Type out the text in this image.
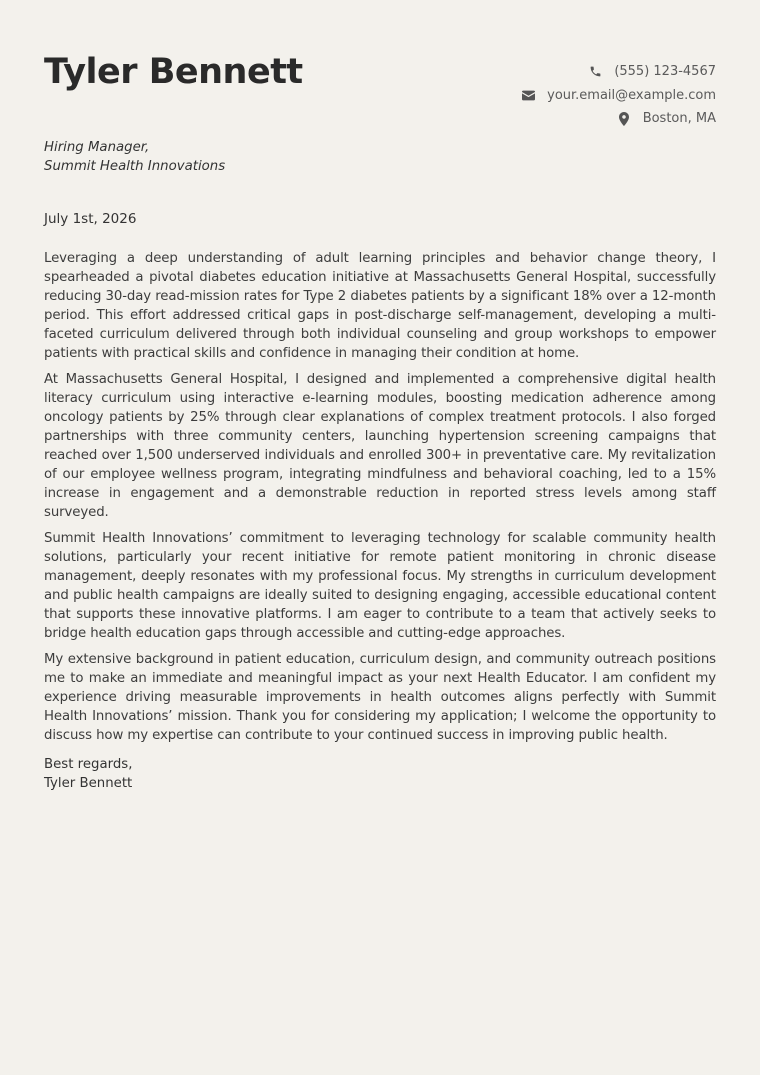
Tyler Bennett	(555) 123-4567
your.email@example.com
Boston, MA
Hiring Manager,
Summit Health Innovations
July 1st, 2026

Leveraging a deep understanding of adult learning principles and behavior change theory, I spearheaded a pivotal diabetes education initiative at Massachusetts General Hospital, successfully reducing 30-day read-mission rates for Type 2 diabetes patients by a significant 18% over a 12-month period. This effort addressed critical gaps in post-discharge self-management, developing a multi-faceted curriculum delivered through both individual counseling and group workshops to empower patients with practical skills and confidence in managing their condition at home.

At Massachusetts General Hospital, I designed and implemented a comprehensive digital health literacy curriculum using interactive e-learning modules, boosting medication adherence among oncology patients by 25% through clear explanations of complex treatment protocols. I also forged partnerships with three community centers, launching hypertension screening campaigns that reached over 1,500 underserved individuals and enrolled 300+ in preventative care. My revitalization of our employee wellness program, integrating mindfulness and behavioral coaching, led to a 15% increase in engagement and a demonstrable reduction in reported stress levels among staff surveyed.

Summit Health Innovations’ commitment to leveraging technology for scalable community health solutions, particularly your recent initiative for remote patient monitoring in chronic disease management, deeply resonates with my professional focus. My strengths in curriculum development and public health campaigns are ideally suited to designing engaging, accessible educational content that supports these innovative platforms. I am eager to contribute to a team that actively seeks to bridge health education gaps through accessible and cutting-edge approaches.

My extensive background in patient education, curriculum design, and community outreach positions me to make an immediate and meaningful impact as your next Health Educator. I am confident my experience driving measurable improvements in health outcomes aligns perfectly with Summit Health Innovations’ mission. Thank you for considering my application; I welcome the opportunity to discuss how my expertise can contribute to your continued success in improving public health.

Best regards,
Tyler Bennett
